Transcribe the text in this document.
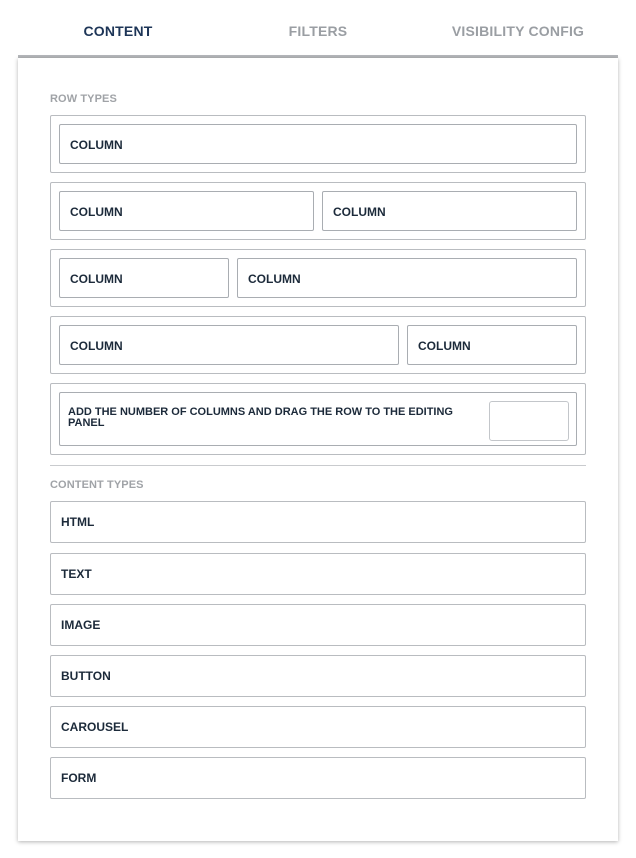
CONTENT	FILTERS	VISIBILITY CONFIG
ROW TYPES
COLUMN
COLUMN	COLUMN
COLUMN	COLUMN
COLUMN	COLUMN
ADD THE NUMBER OF COLUMNS AND DRAG THE ROW TO THE EDITING PANEL
CONTENT TYPES
HTML
TEXT
IMAGE
BUTTON
CAROUSEL
FORM
